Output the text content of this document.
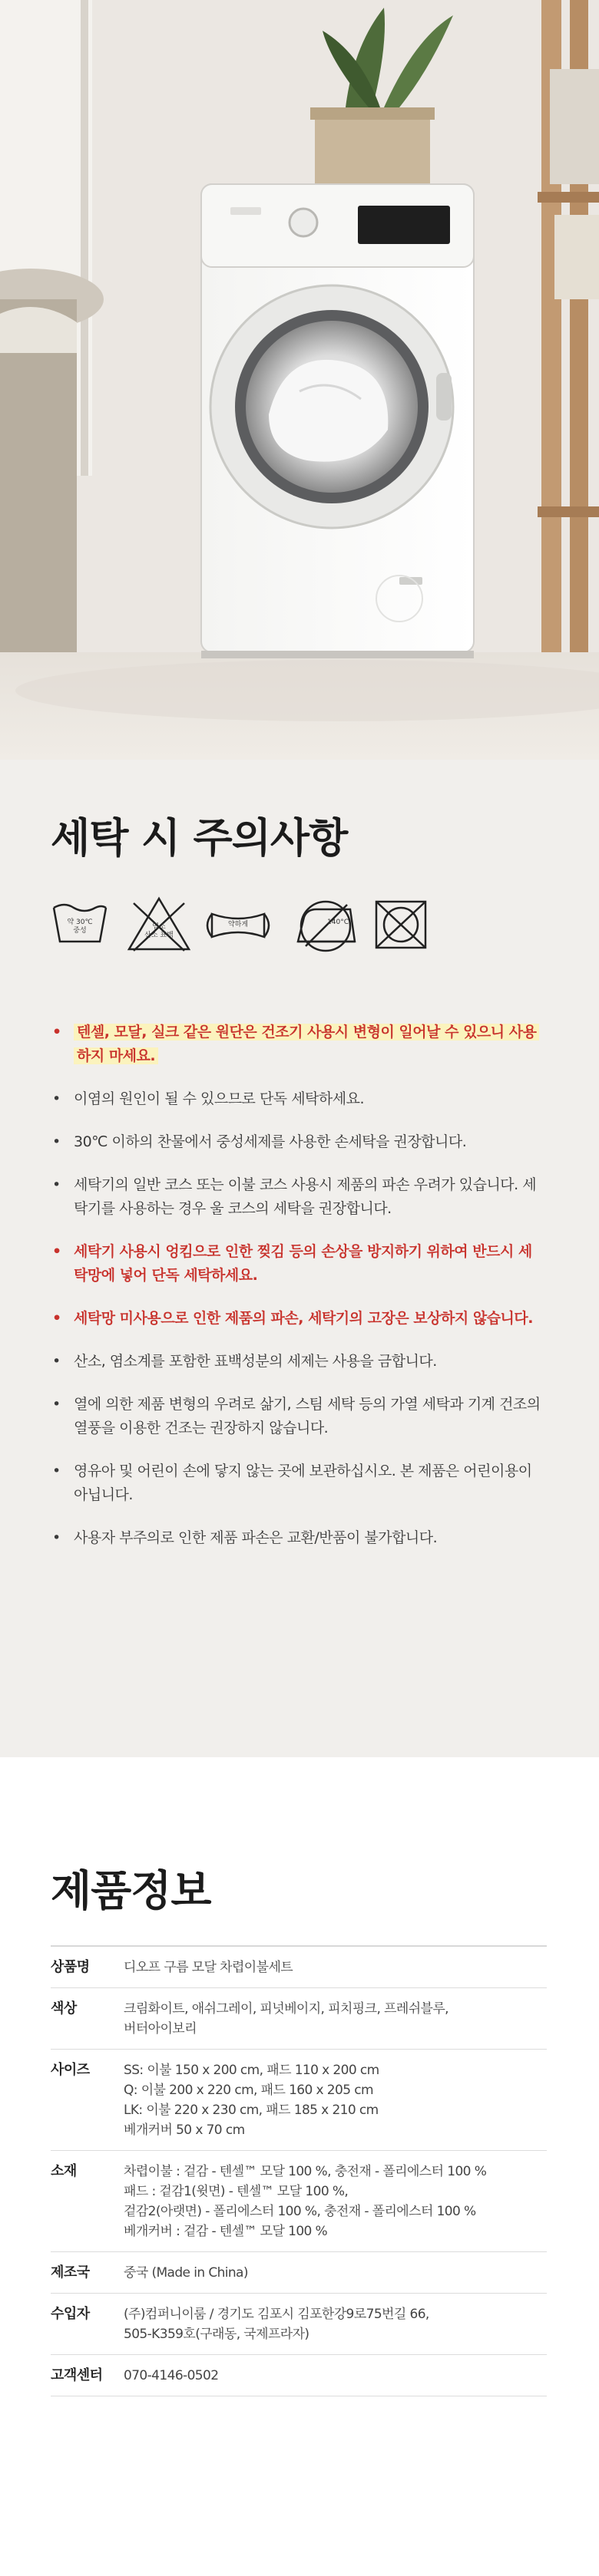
세탁 시 주의사항
약 30℃
중성	염소
산소 표백
약하게	140°C
• 텐셀, 모달, 실크 같은 원단은 건조기 사용시 변형이 일어날 수 있으니 사용하지 마세요.
• 이염의 원인이 될 수 있으므로 단독 세탁하세요.
• 30℃ 이하의 찬물에서 중성세제를 사용한 손세탁을 권장합니다.
• 세탁기의 일반 코스 또는 이불 코스 사용시 제품의 파손 우려가 있습니다. 세탁기를 사용하는 경우 울 코스의 세탁을 권장합니다.
• 세탁기 사용시 엉킴으로 인한 찢김 등의 손상을 방지하기 위하여 반드시 세탁망에 넣어 단독 세탁하세요.
• 세탁망 미사용으로 인한 제품의 파손, 세탁기의 고장은 보상하지 않습니다.
• 산소, 염소계를 포함한 표백성분의 세제는 사용을 금합니다.
• 열에 의한 제품 변형의 우려로 삶기, 스팀 세탁 등의 가열 세탁과 기계 건조의 열풍을 이용한 건조는 권장하지 않습니다.
• 영유아 및 어린이 손에 닿지 않는 곳에 보관하십시오. 본 제품은 어린이용이 아닙니다.
• 사용자 부주의로 인한 제품 파손은 교환/반품이 불가합니다.
제품정보
상품명	디오프 구름 모달 차렵이불세트
색상	크림화이트, 애쉬그레이, 피넛베이지, 피치핑크, 프레쉬블루,
버터아이보리
사이즈	SS: 이불 150 x 200 cm, 패드 110 x 200 cm
Q: 이불 200 x 220 cm, 패드 160 x 205 cm
LK: 이불 220 x 230 cm, 패드 185 x 210 cm
베개커버 50 x 70 cm
소재	차렵이불 : 겉감 - 텐셀™ 모달 100 %, 충전재 - 폴리에스터 100 %
패드 : 겉감1(윗면) - 텐셀™ 모달 100 %,
겉감2(아랫면) - 폴리에스터 100 %, 충전재 - 폴리에스터 100 %
베개커버 : 겉감 - 텐셀™ 모달 100 %
제조국	중국 (Made in China)
수입자	(주)컴퍼니이룸 / 경기도 김포시 김포한강9로75번길 66,
505-K359호(구래동, 국제프라자)
고객센터	070-4146-0502
